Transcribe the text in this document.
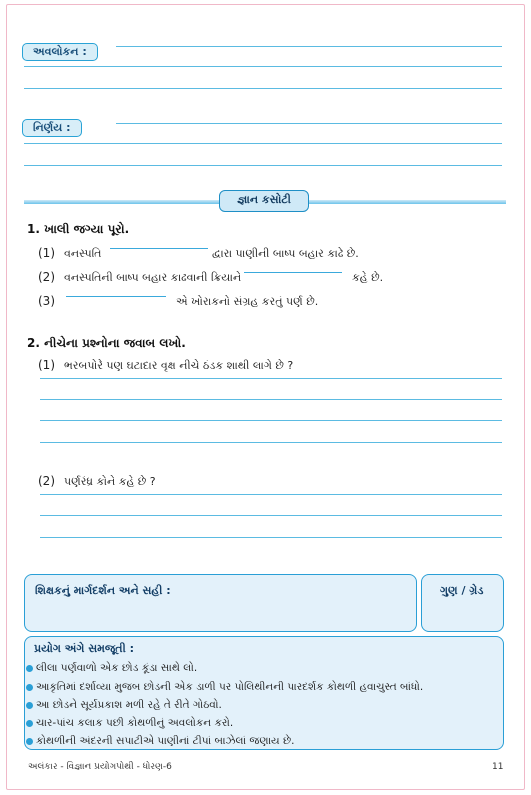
અવલોકન :
નિર્ણય :
જ્ઞાન કસોટી
1. ખાલી જગ્યા પૂરો.
(1) વનસ્પતિ	દ્વારા પાણીની બાષ્પ બહાર કાઢે છે.
(2) વનસ્પતિની બાષ્પ બહાર કાઢવાની ક્રિયાને	કહે છે.
(3)	એ ખોરાકનો સંગ્રહ કરતું પર્ણ છે.
2. નીચેના પ્રશ્નોના જવાબ લખો.
(1) ભરબપોરે પણ ઘટાદાર વૃક્ષ નીચે ઠંડક શાથી લાગે છે ?
(2) પર્ણરંધ્ર કોને કહે છે ?
શિક્ષકનું માર્ગદર્શન અને સહી :	ગુણ / ગ્રેડ
પ્રયોગ અંગે સમજૂતી :
લીલા પર્ણવાળો એક છોડ કૂંડા સાથે લો.
આકૃતિમાં દર્શાવ્યા મુજબ છોડની એક ડાળી પર પોલિથીનની પારદર્શક કોથળી હવાચુસ્ત બાંધો.
આ છોડને સૂર્યપ્રકાશ મળી રહે તે રીતે ગોઠવો.
ચાર-પાંચ કલાક પછી કોથળીનું અવલોકન કરો.
કોથળીની અંદરની સપાટીએ પાણીનાં ટીપાં બાઝેલાં જણાય છે.
અલંકાર - વિજ્ઞાન પ્રયોગપોથી - ધોરણ-6	11
